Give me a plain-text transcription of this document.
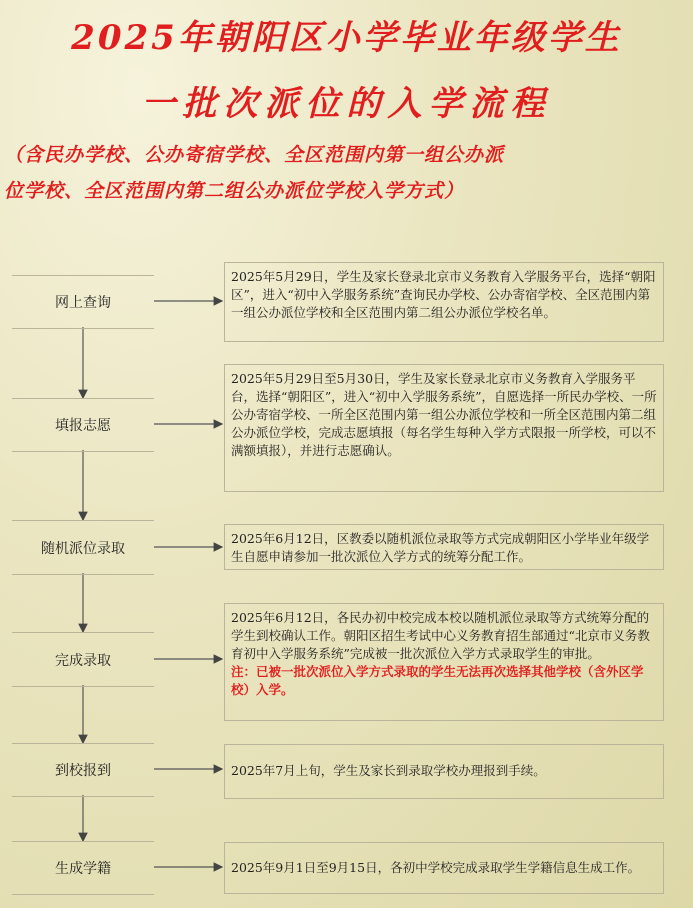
2025年朝阳区小学毕业年级学生
一批次派位的入学流程
（含民办学校、公办寄宿学校、全区范围内第一组公办派
位学校、全区范围内第二组公办派位学校入学方式）
网上查询
2025年5月29日，学生及家长登录北京市义务教育入学服务平台，选择“朝阳区”，进入“初中入学服务系统”查询民办学校、公办寄宿学校、全区范围内第一组公办派位学校和全区范围内第二组公办派位学校名单。
填报志愿
2025年5月29日至5月30日，学生及家长登录北京市义务教育入学服务平台，选择“朝阳区”，进入“初中入学服务系统”，自愿选择一所民办学校、一所公办寄宿学校、一所全区范围内第一组公办派位学校和一所全区范围内第二组公办派位学校，完成志愿填报（每名学生每种入学方式限报一所学校，可以不满额填报），并进行志愿确认。
随机派位录取
2025年6月12日，区教委以随机派位录取等方式完成朝阳区小学毕业年级学生自愿申请参加一批次派位入学方式的统筹分配工作。
完成录取
2025年6月12日，各民办初中校完成本校以随机派位录取等方式统筹分配的学生到校确认工作。朝阳区招生考试中心义务教育招生部通过“北京市义务教育初中入学服务系统”完成被一批次派位入学方式录取学生的审批。
注：已被一批次派位入学方式录取的学生无法再次选择其他学校（含外区学校）入学。
到校报到	2025年7月上旬，学生及家长到录取学校办理报到手续。
生成学籍	2025年9月1日至9月15日，各初中学校完成录取学生学籍信息生成工作。
